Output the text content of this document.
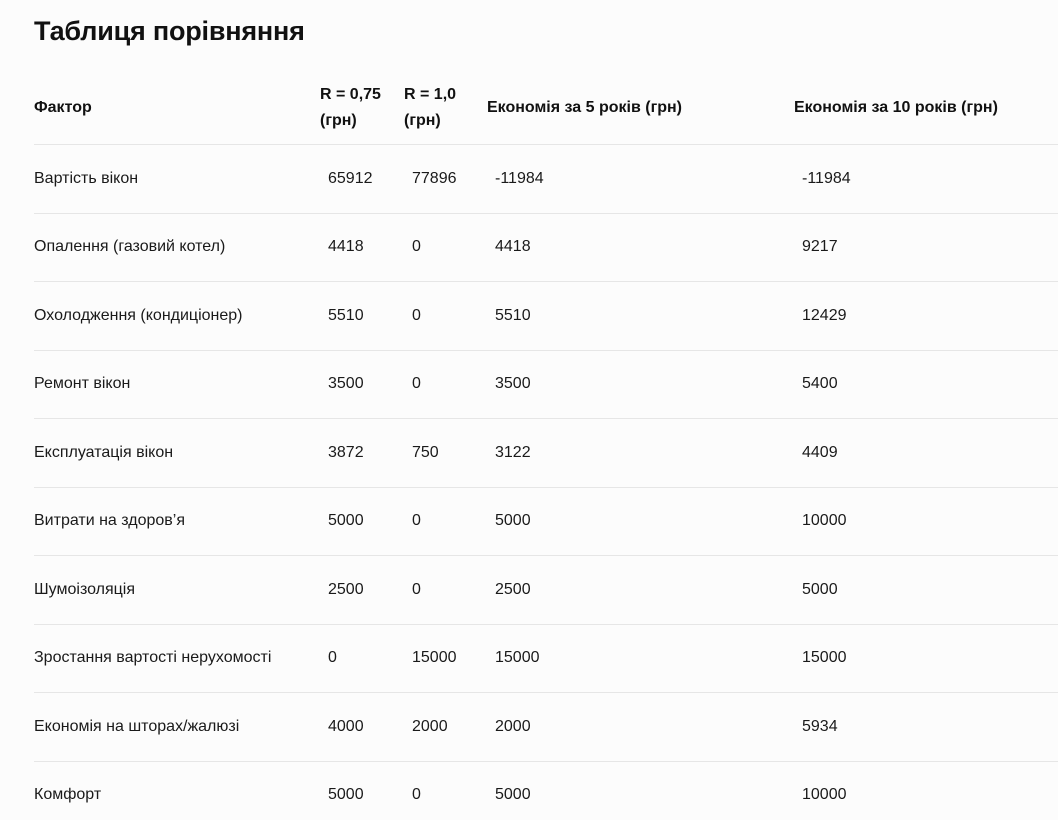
Таблиця порівняння
Фактор	R = 0,75 (грн)	R = 1,0 (грн)	Економія за 5 років (грн)	Економія за 10 років (грн)
Вартість вікон	65912	77896	-11984	-11984
Опалення (газовий котел)	4418	0	4418	9217
Охолодження (кондиціонер)	5510	0	5510	12429
Ремонт вікон	3500	0	3500	5400
Експлуатація вікон	3872	750	3122	4409
Витрати на здоров’я	5000	0	5000	10000
Шумоізоляція	2500	0	2500	5000
Зростання вартості нерухомості	0	15000	15000	15000
Економія на шторах/жалюзі	4000	2000	2000	5934
Комфорт	5000	0	5000	10000
